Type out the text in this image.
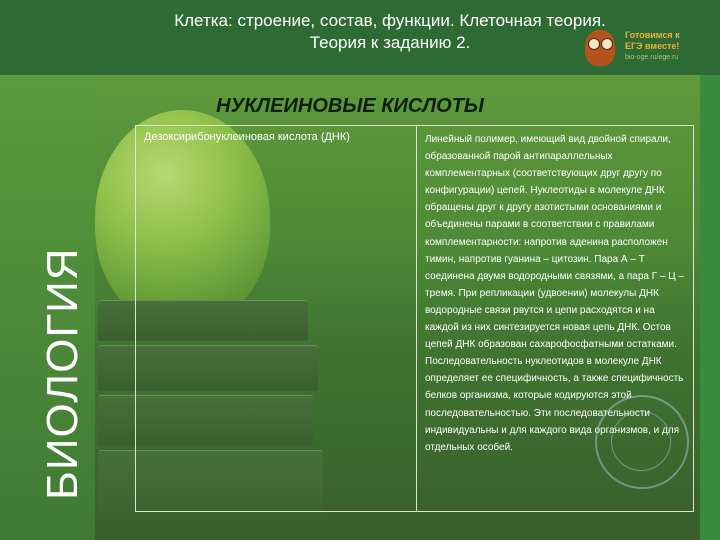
Клетка: строение, состав, функции. Клеточная теория.
Теория к заданию 2.	Готовимся к
ЕГЭ вместе!
bio-oge.ru/ege.ru
БИОЛОГИЯ
НУКЛЕИНОВЫЕ КИСЛОТЫ
Дезоксирибонуклеиновая кислота (ДНК)	Линейный полимер, имеющий вид двойной спирали, образованной парой антипараллельных комплементарных (соответствующих друг другу по конфигурации) цепей. Нуклеотиды в молекуле ДНК обращены друг к другу азотистыми основаниями и объединены парами в соответствии с правилами комплементарности: напротив аденина расположен тимин, напротив гуанина – цитозин. Пара А – Т соединена двумя водородными связями, а пара Г – Ц – тремя. При репликации (удвоении) молекулы ДНК водородные связи рвутся и цепи расходятся и на каждой из них синтезируется новая цепь ДНК. Остов цепей ДНК образован сахарофосфатными остатками. Последовательность нуклеотидов в молекуле ДНК определяет ее специфичность, а также специфичность белков организма, которые кодируются этой последовательностью. Эти последовательности индивидуальны и для каждого вида организмов, и для отдельных особей.
